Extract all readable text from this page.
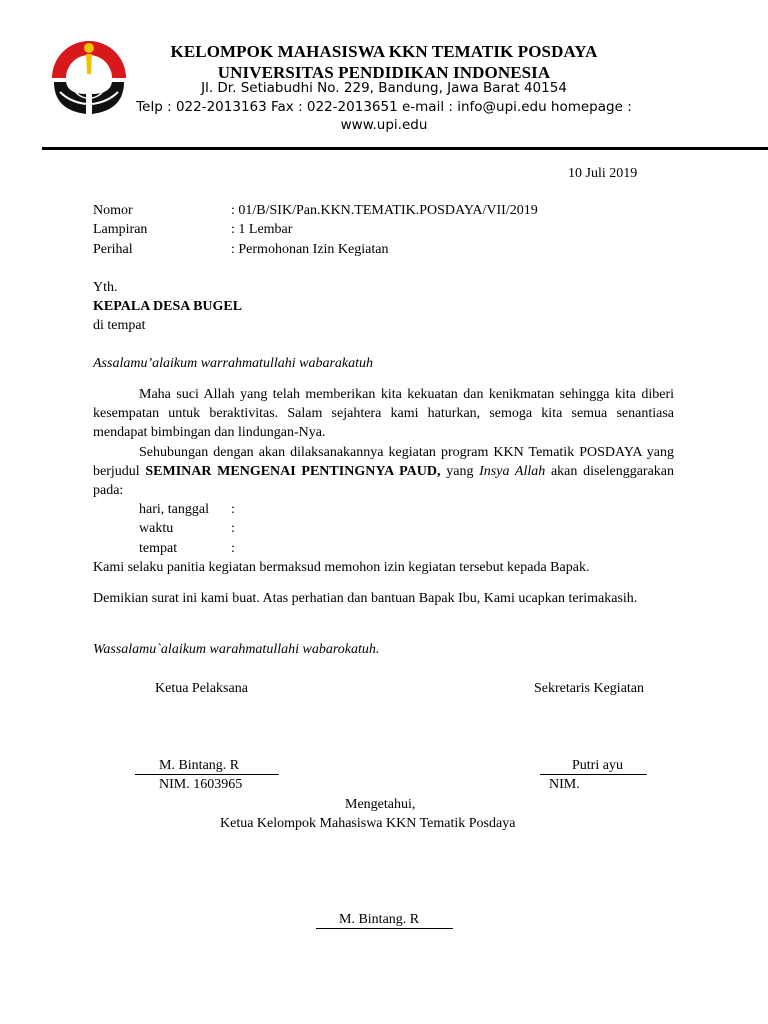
KELOMPOK MAHASISWA KKN TEMATIK POSDAYA
UNIVERSITAS PENDIDIKAN INDONESIA
Jl. Dr. Setiabudhi No. 229, Bandung, Jawa Barat 40154
Telp : 022-2013163 Fax : 022-2013651 e-mail : info@upi.edu homepage :
www.upi.edu
10 Juli 2019
Nomor	: 01/B/SIK/Pan.KKN.TEMATIK.POSDAYA/VII/2019
Lampiran	: 1 Lembar
Perihal	: Permohonan Izin Kegiatan
Yth.
KEPALA DESA BUGEL
di tempat
Assalamu’alaikum warrahmatullahi wabarakatuh
Maha suci Allah yang telah memberikan kita kekuatan dan kenikmatan sehingga kita diberi kesempatan untuk beraktivitas. Salam sejahtera kami haturkan, semoga kita semua senantiasa mendapat bimbingan dan lindungan-Nya.
Sehubungan dengan akan dilaksanakannya kegiatan program KKN Tematik POSDAYA yang berjudul SEMINAR MENGENAI PENTINGNYA PAUD, yang Insya Allah akan diselenggarakan pada:
hari, tanggal :
waktu	:
tempat	:
Kami selaku panitia kegiatan bermaksud memohon izin kegiatan tersebut kepada Bapak.
Demikian surat ini kami buat. Atas perhatian dan bantuan Bapak Ibu, Kami ucapkan terimakasih.
Wassalamu`alaikum warahmatullahi wabarokatuh.
Ketua Pelaksana	Sekretaris Kegiatan
M. Bintang. R
NIM. 1603965
Putri ayu
NIM.
Mengetahui,
Ketua Kelompok Mahasiswa KKN Tematik Posdaya
M. Bintang. R
